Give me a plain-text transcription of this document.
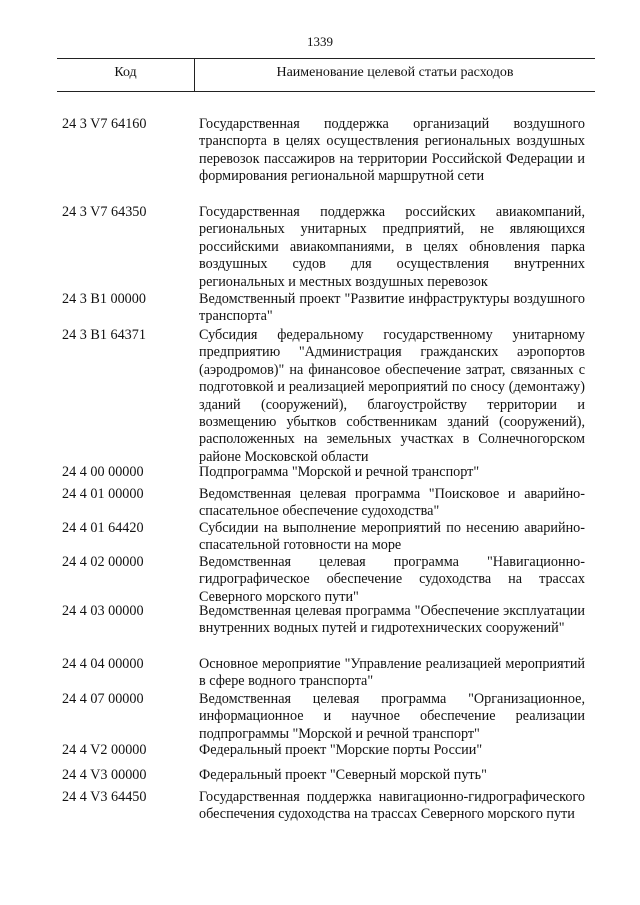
1339
Код	Наименование целевой статьи расходов
24 3 V7 64160	Государственная поддержка организаций воздушного транспорта в целях осуществления региональных воздушных перевозок пассажиров на территории Российской Федерации и формирования региональной маршрутной сети
24 3 V7 64350	Государственная поддержка российских авиакомпаний, региональных унитарных предприятий, не являющихся российскими авиакомпаниями, в целях обновления парка воздушных судов для осуществления внутренних региональных и местных воздушных перевозок
24 3 B1 00000	Ведомственный проект "Развитие инфраструктуры воздушного транспорта"
24 3 B1 64371	Субсидия федеральному государственному унитарному предприятию "Администрация гражданских аэропортов (аэродромов)" на финансовое обеспечение затрат, связанных с подготовкой и реализацией мероприятий по сносу (демонтажу) зданий (сооружений), благоустройству территории и возмещению убытков собственникам зданий (сооружений), расположенных на земельных участках в Солнечногорском районе Московской области
24 4 00 00000	Подпрограмма "Морской и речной транспорт"
24 4 01 00000	Ведомственная целевая программа "Поисковое и аварийно-спасательное обеспечение судоходства"
24 4 01 64420	Субсидии на выполнение мероприятий по несению аварийно-спасательной готовности на море
24 4 02 00000	Ведомственная целевая программа "Навигационно-гидрографическое обеспечение судоходства на трассах Северного морского пути"
24 4 03 00000	Ведомственная целевая программа "Обеспечение эксплуатации внутренних водных путей и гидротехнических сооружений"
24 4 04 00000	Основное мероприятие "Управление реализацией мероприятий в сфере водного транспорта"
24 4 07 00000	Ведомственная целевая программа "Организационное, информационное и научное обеспечение реализации подпрограммы "Морской и речной транспорт"
24 4 V2 00000	Федеральный проект "Морские порты России"
24 4 V3 00000	Федеральный проект "Северный морской путь"
24 4 V3 64450	Государственная поддержка навигационно-гидрографического обеспечения судоходства на трассах Северного морского пути
